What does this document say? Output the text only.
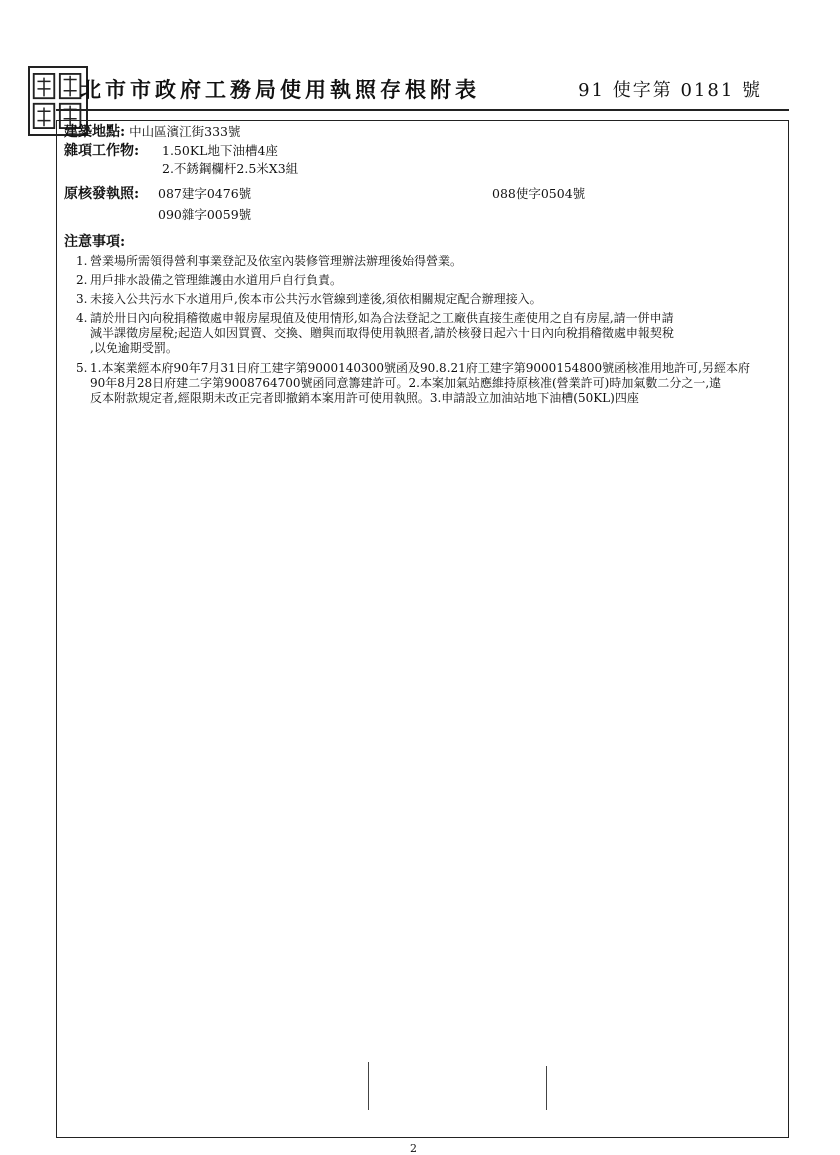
北市市政府工務局使用執照存根附表	91 使字第 0181 號
建築地點: 中山區濱江街333號
雜項工作物: 1.50KL地下油槽4座
2.不銹鋼欄杆2.5米X3組
原核發執照: 087建字0476號	088使字0504號
090雜字0059號
注意事項:
1. 營業場所需領得營利事業登記及依室內裝修管理辦法辦理後始得營業。
2. 用戶排水設備之管理維護由水道用戶自行負責。
3. 未接入公共污水下水道用戶,俟本市公共污水管線到達後,須依相關規定配合辦理接入。
4. 請於卅日內向稅捐稽徵處申報房屋現值及使用情形,如為合法登記之工廠供直接生產使用之自有房屋,請一併申請
減半課徵房屋稅;起造人如因買賣、交換、贈與而取得使用執照者,請於核發日起六十日內向稅捐稽徵處申報契稅
,以免逾期受罰。
5. 1.本案業經本府90年7月31日府工建字第9000140300號函及90.8.21府工建字第9000154800號函核准用地許可,另經本府
90年8月28日府建二字第9008764700號函同意籌建許可。2.本案加氣站應維持原核准(營業許可)時加氣數二分之一,違
反本附款規定者,經限期未改正完者即撤銷本案用許可使用執照。3.申請設立加油站地下油槽(50KL)四座
2
